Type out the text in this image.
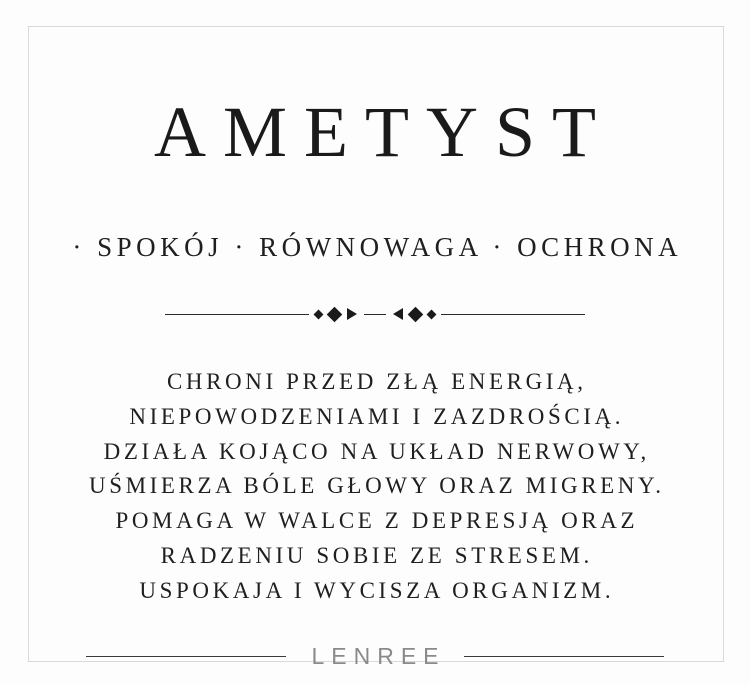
AMETYST
· SPOKÓJ · RÓWNOWAGA · OCHRONA
CHRONI PRZED ZŁĄ ENERGIĄ,
NIEPOWODZENIAMI I ZAZDROŚCIĄ.
DZIAŁA KOJĄCO NA UKŁAD NERWOWY,
UŚMIERZA BÓLE GŁOWY ORAZ MIGRENY.
POMAGA W WALCE Z DEPRESJĄ ORAZ
RADZENIU SOBIE ZE STRESEM.
USPOKAJA I WYCISZA ORGANIZM.
LENREE
